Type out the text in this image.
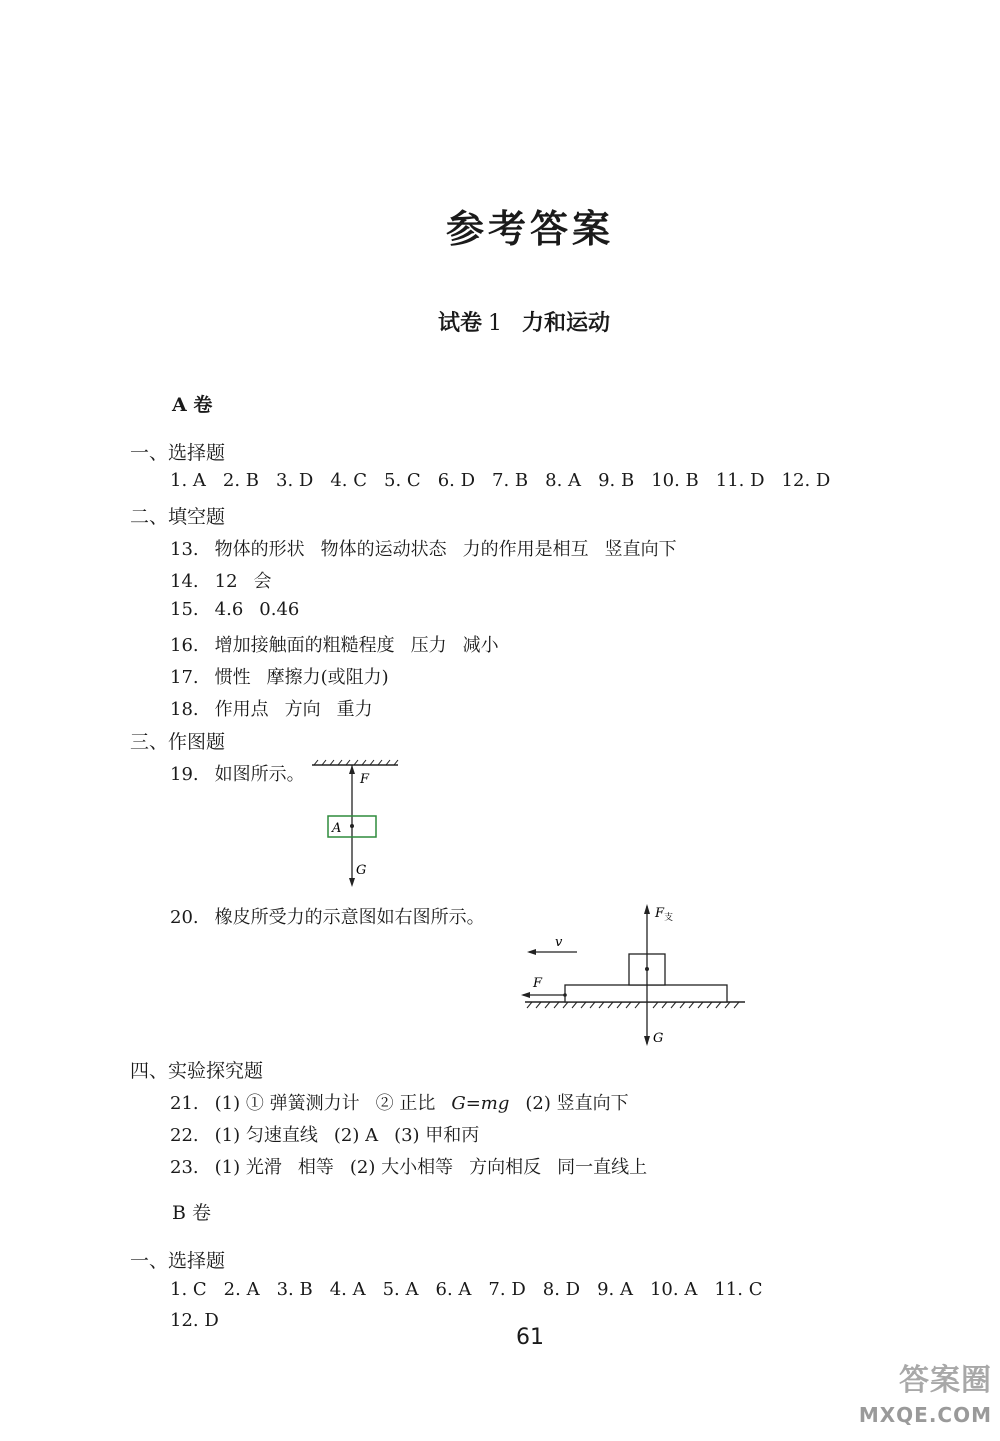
参考答案
试卷 1 力和运动
A 卷
一、选择题
1. A 2. B 3. D 4. C 5. C 6. D 7. B 8. A 9. B 10. B 11. D 12. D
二、填空题
13. 物体的形状 物体的运动状态 力的作用是相互 竖直向下
14. 12 会
15. 4.6 0.46
16. 增加接触面的粗糙程度 压力 减小
17. 惯性 摩擦力(或阻力)
18. 作用点 方向 重力
三、作图题
19. 如图所示。	F
A
G
20. 橡皮所受力的示意图如右图所示。	$F_支$
v
F
G
四、实验探究题
21. (1) ① 弹簧测力计 ② 正比 G=mg (2) 竖直向下
22. (1) 匀速直线 (2) A (3) 甲和丙
23. (1) 光滑 相等 (2) 大小相等 方向相反 同一直线上
B 卷
一、选择题
1. C 2. A 3. B 4. A 5. A 6. A 7. D 8. D 9. A 10. A 11. C
12. D
61
答案圈
MXQE.COM
